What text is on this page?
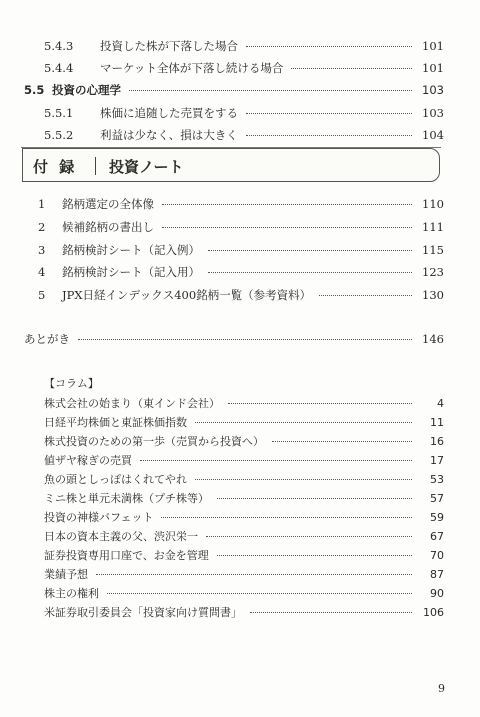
5.4.3	投資した株が下落した場合	101
5.4.4	マーケット全体が下落し続ける場合	101
5.5 投資の心理学	103
5.5.1	株価に追随した売買をする	103
5.5.2	利益は少なく、損は大きく	104
付 録 投資ノート
1	銘柄選定の全体像	110
2	候補銘柄の書出し	111
3	銘柄検討シート（記入例）	115
4	銘柄検討シート（記入用）	123
5	JPX日経インデックス400銘柄一覧（参考資料）	130
あとがき	146
【コラム】
株式会社の始まり（東インド会社）	4
日経平均株価と東証株価指数	11
株式投資のための第一歩（売買から投資へ）	16
値ザヤ稼ぎの売買	17
魚の頭としっぽはくれてやれ	53
ミニ株と単元未満株（プチ株等）	57
投資の神様バフェット	59
日本の資本主義の父、渋沢栄一	67
証券投資専用口座で、お金を管理	70
業績予想	87
株主の権利	90
米証券取引委員会「投資家向け質問書」	106
9
